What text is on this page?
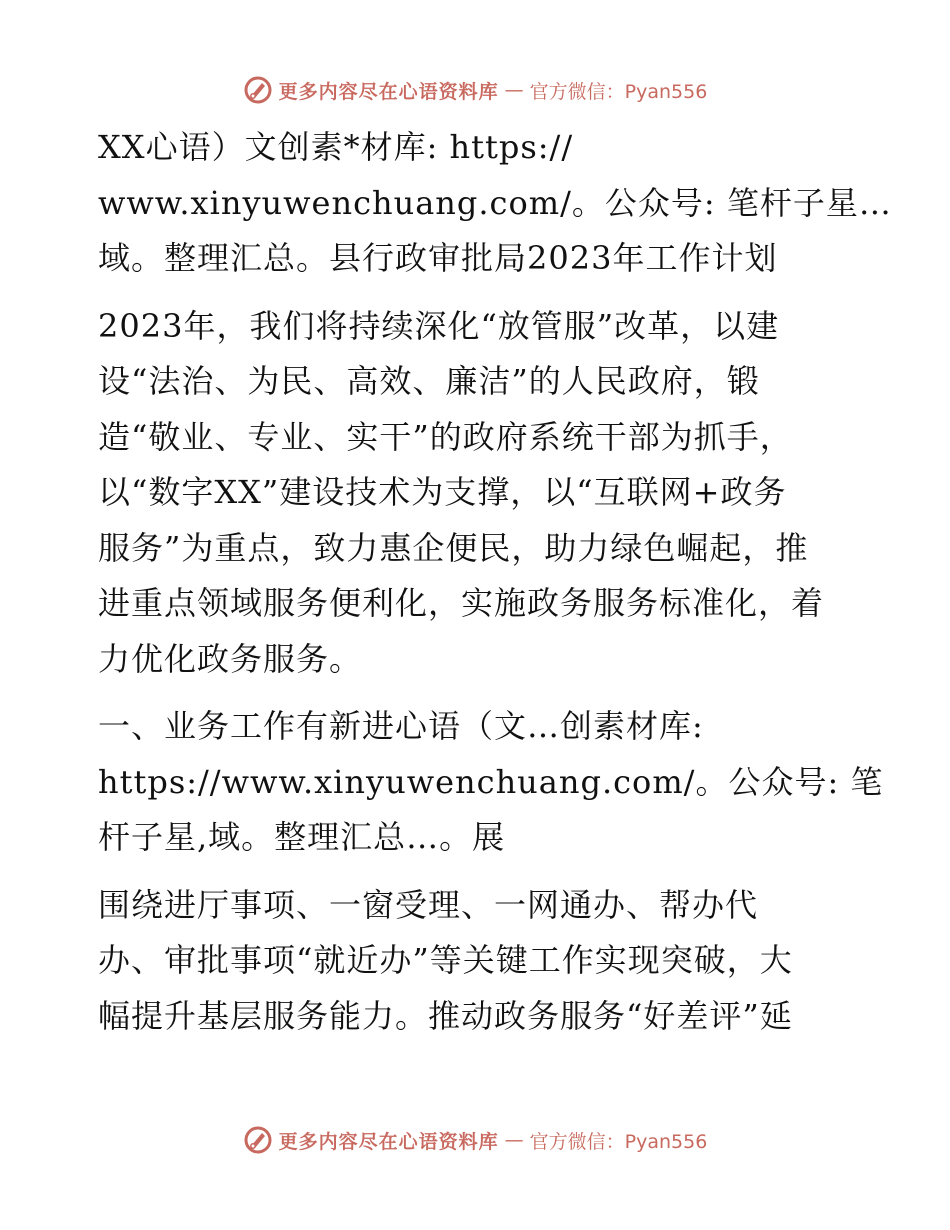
更多内容尽在心语资料库 — 官方微信：Pyan556

XX心语）文创素*材库: https://
www.xinyuwenchuang.com/。公众号: 笔杆子星…
域。整理汇总。县行政审批局2023年工作计划

2023年，我们将持续深化“放管服”改革，以建
设“法治、为民、高效、廉洁”的人民政府，锻
造“敬业、专业、实干”的政府系统干部为抓手，
以“数字XX”建设技术为支撑，以“互联网+政务
服务”为重点，致力惠企便民，助力绿色崛起，推
进重点领域服务便利化，实施政务服务标准化，着
力优化政务服务。

一、业务工作有新进心语（文…创素材库:
https://www.xinyuwenchuang.com/。公众号: 笔
杆子星,域。整理汇总…。展

围绕进厅事项、一窗受理、一网通办、帮办代
办、审批事项“就近办”等关键工作实现突破，大
幅提升基层服务能力。推动政务服务“好差评”延

更多内容尽在心语资料库 — 官方微信：Pyan556
